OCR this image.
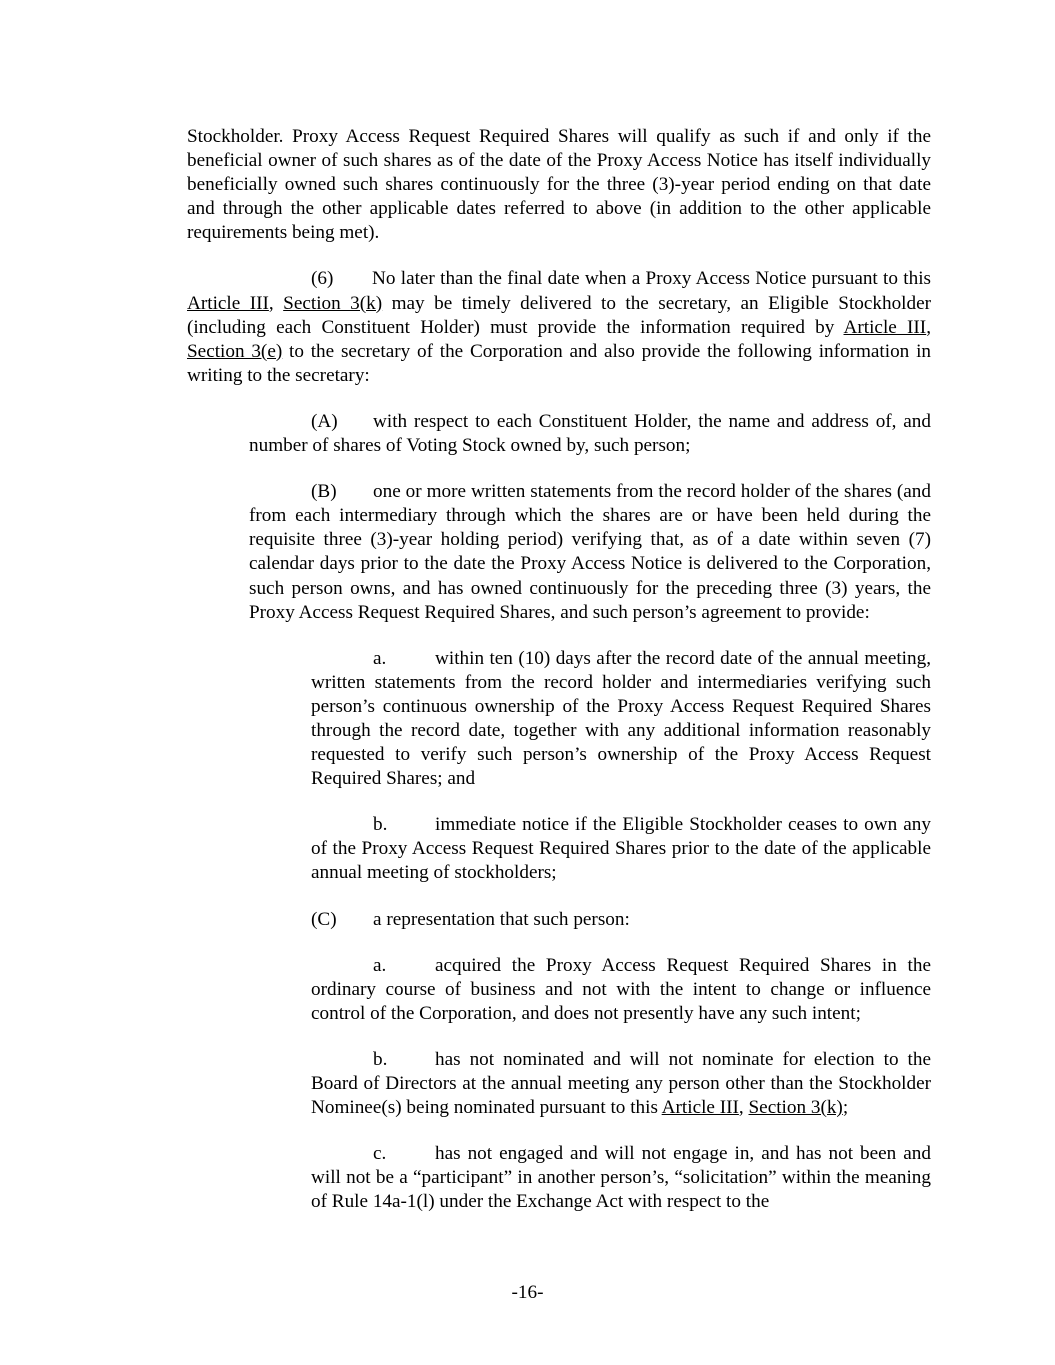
Stockholder. Proxy Access Request Required Shares will qualify as such if and only if the beneficial owner of such shares as of the date of the Proxy Access Notice has itself individually beneficially owned such shares continuously for the three (3)-year period ending on that date and through the other applicable dates referred to above (in addition to the other applicable requirements being met).

(6) No later than the final date when a Proxy Access Notice pursuant to this Article III, Section 3(k) may be timely delivered to the secretary, an Eligible Stockholder (including each Constituent Holder) must provide the information required by Article III, Section 3(e) to the secretary of the Corporation and also provide the following information in writing to the secretary:

(A) with respect to each Constituent Holder, the name and address of, and number of shares of Voting Stock owned by, such person;

(B) one or more written statements from the record holder of the shares (and from each intermediary through which the shares are or have been held during the requisite three (3)-year holding period) verifying that, as of a date within seven (7) calendar days prior to the date the Proxy Access Notice is delivered to the Corporation, such person owns, and has owned continuously for the preceding three (3) years, the Proxy Access Request Required Shares, and such person’s agreement to provide:

a.	within ten (10) days after the record date of the annual meeting, written statements from the record holder and intermediaries verifying such person’s continuous ownership of the Proxy Access Request Required Shares through the record date, together with any additional information reasonably requested to verify such person’s ownership of the Proxy Access Request Required Shares; and

b. immediate notice if the Eligible Stockholder ceases to own any of the Proxy Access Request Required Shares prior to the date of the applicable annual meeting of stockholders;

(C) a representation that such person:

a.	acquired the Proxy Access Request Required Shares in the ordinary course of business and not with the intent to change or influence control of the Corporation, and does not presently have any such intent;

b. has not nominated and will not nominate for election to the Board of Directors at the annual meeting any person other than the Stockholder Nominee(s) being nominated pursuant to this Article III, Section 3(k);

c.	has not engaged and will not engage in, and has not been and will not be a “participant” in another person’s, “solicitation” within the meaning of Rule 14a-1(l) under the Exchange Act with respect to the

-16-
